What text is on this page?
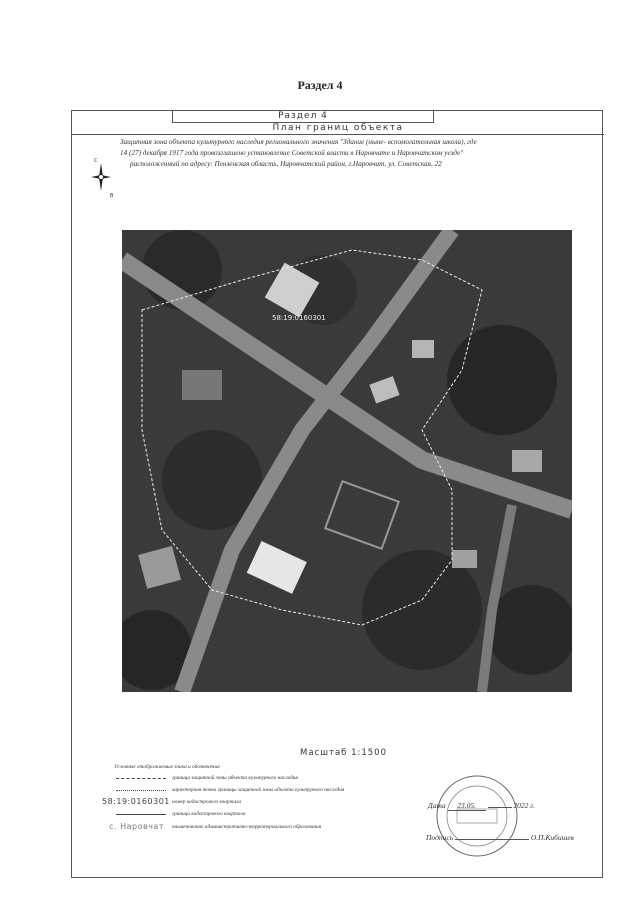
Раздел 4
Раздел 4
План границ объекта
Защитная зона объекта культурного наследия регионального значения "Здание (ныне- вспомогательная школа), где
14 (27) декабря 1917 года провозглашено установление Советской власти в Наровчате и Наровчатском уезде"
расположенный по адресу: Пензенская область, Наровчатский район, г.Наровчат, ул. Советская, 22
С
В
58:19:0160301
Масштаб 1:1500
Условные отображаемые знаки и обозначения
граница защитной зоны объекта культурного наследия
характерная точка границы защитной зоны объекта культурного наследия
58:19:0160301 номер кадастрового квартала
граница кадастрового квартала
с. Наровчат наименование административно-территориального образования
Дата 23.05.	2022 г.
Подпись	О.П.Кибишев
